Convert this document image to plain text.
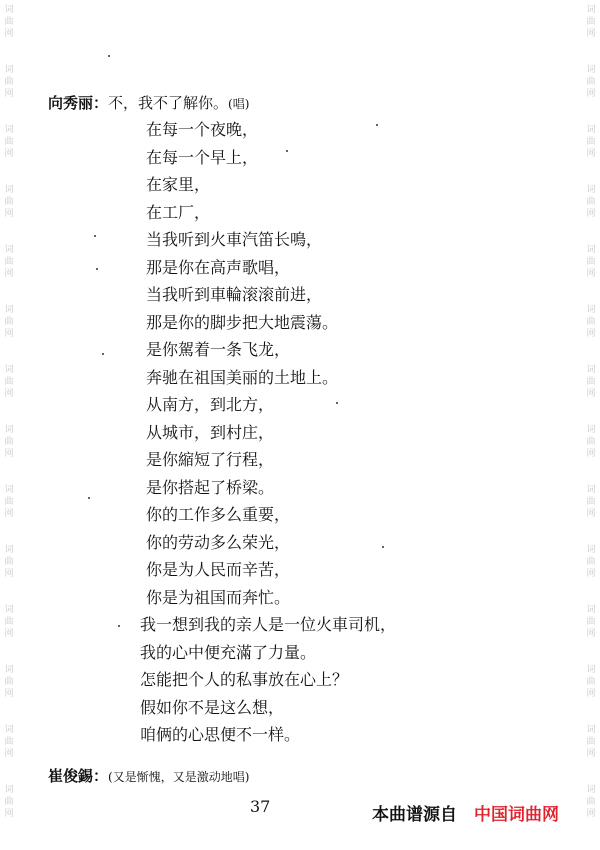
词
曲
网
词
曲
网
词
曲
网
词
曲
网
词
曲
网
词
曲
网
词
曲
网
词
曲
网
词
曲
网
词
曲
网
词
曲
网
词
曲
网
词
曲
网
词
曲
网
词
曲
网
词
曲
网
词
曲
网
词
曲
网
词
曲
网
词
曲
网
词
曲
网
词
曲
网
词
曲
网
词
曲
网
词
曲
网
词
曲
网
词
曲
网
词
曲
网
向秀丽：不，我不了解你。(唱)
在每一个夜晚，
在每一个早上，
在家里，
在工厂，
当我听到火車汽笛长鳴，
那是你在高声歌唱，
当我听到車輪滚滚前进，
那是你的脚步把大地震蕩。
是你駕着一条飞龙，
奔驰在祖国美丽的土地上。
从南方，到北方，
从城市，到村庄，
是你縮短了行程，
是你搭起了桥梁。
你的工作多么重要，
你的劳动多么荣光，
你是为人民而辛苦，
你是为祖国而奔忙。
我一想到我的亲人是一位火車司机，
我的心中便充滿了力量。
怎能把个人的私事放在心上？
假如你不是这么想，
咱俩的心思便不一样。
崔俊錫：(又是惭愧，又是激动地唱)
37	本曲谱源自 中国词曲网
